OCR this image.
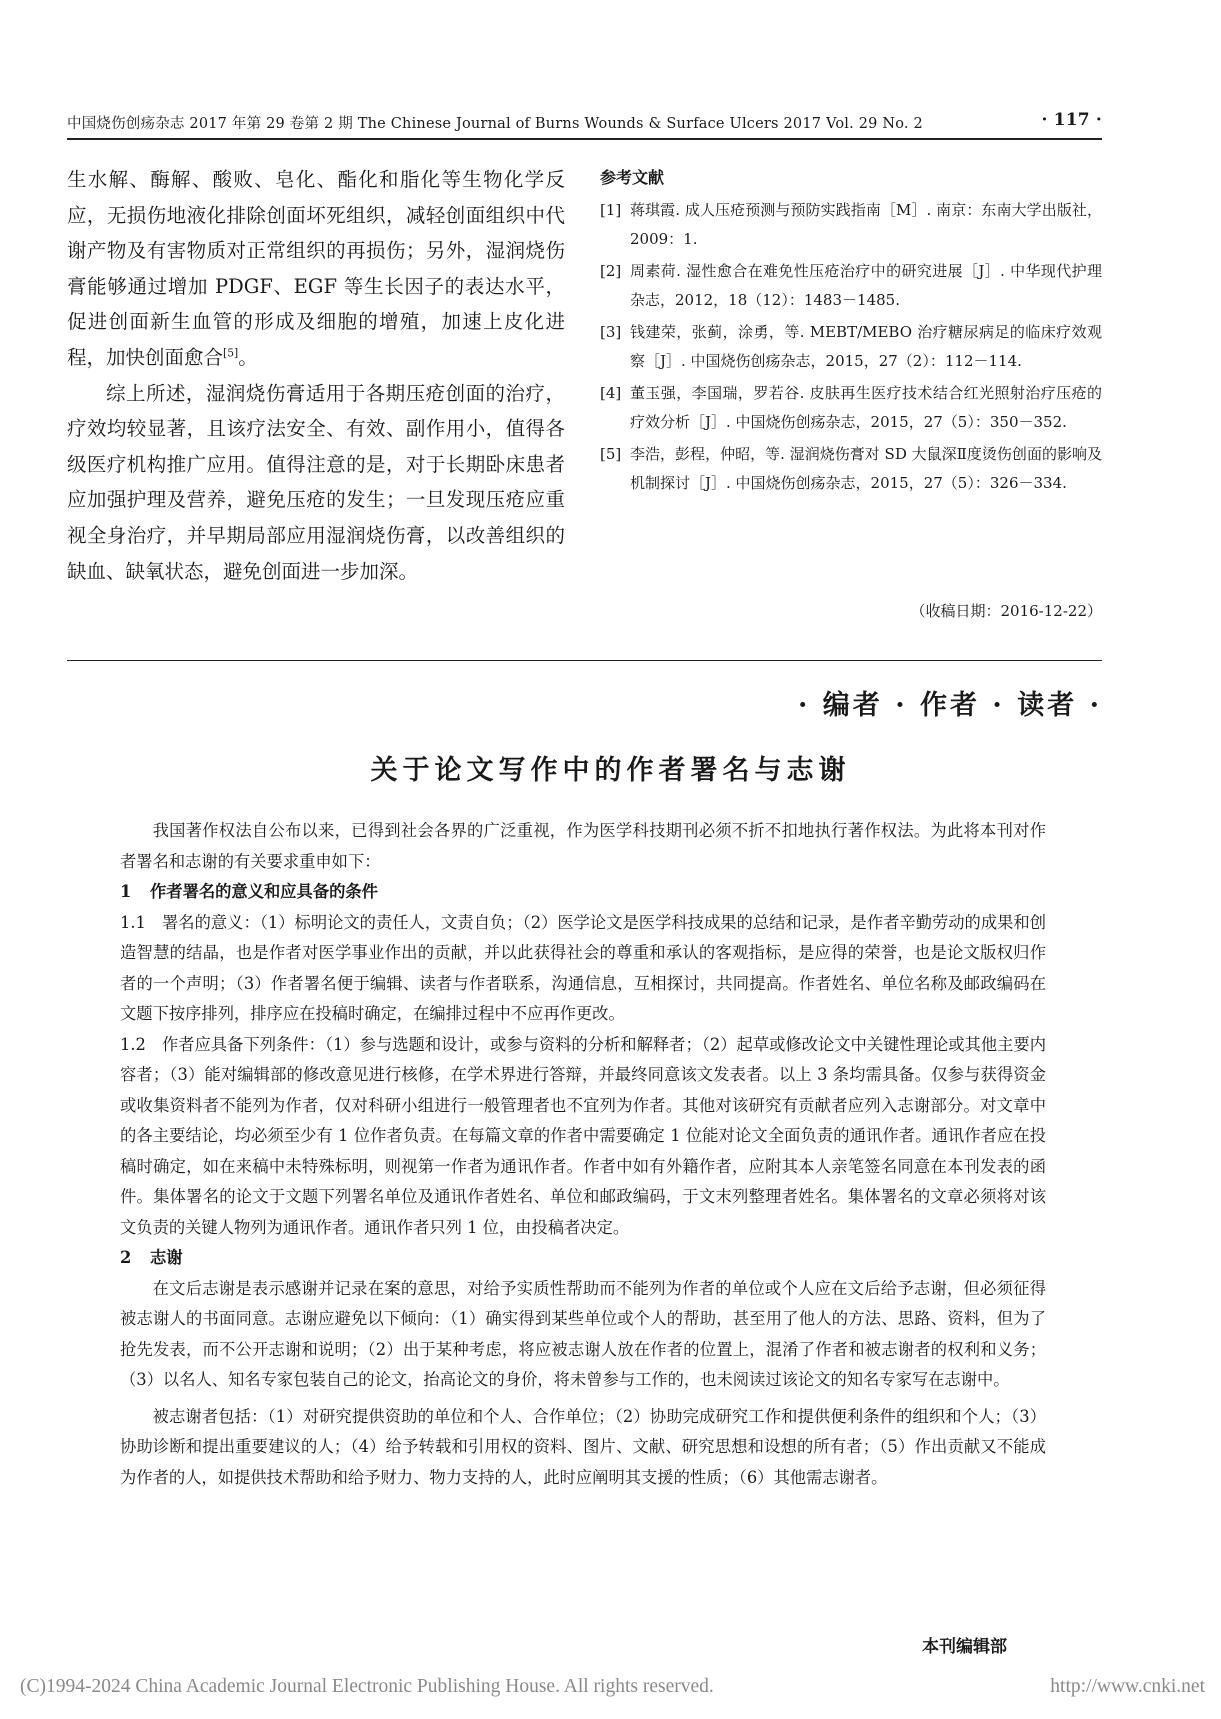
中国烧伤创疡杂志 2017 年第 29 卷第 2 期 The Chinese Journal of Burns Wounds & Surface Ulcers 2017 Vol. 29 No. 2	· 117 ·

生水解、酶解、酸败、皂化、酯化和脂化等生物化学反应，无损伤地液化排除创面坏死组织，减轻创面组织中代谢产物及有害物质对正常组织的再损伤；另外，湿润烧伤膏能够通过增加 PDGF、EGF 等生长因子的表达水平，促进创面新生血管的形成及细胞的增殖，加速上皮化进程，加快创面愈合[5]。

综上所述，湿润烧伤膏适用于各期压疮创面的治疗，疗效均较显著，且该疗法安全、有效、副作用小，值得各级医疗机构推广应用。值得注意的是，对于长期卧床患者应加强护理及营养，避免压疮的发生；一旦发现压疮应重视全身治疗，并早期局部应用湿润烧伤膏，以改善组织的缺血、缺氧状态，避免创面进一步加深。

参考文献
[1] 蒋琪霞. 成人压疮预测与预防实践指南［M］. 南京：东南大学出版社，2009：1.
[2] 周素荷. 湿性愈合在难免性压疮治疗中的研究进展［J］. 中华现代护理杂志，2012，18（12）：1483－1485.
[3] 钱建荣，张蓟，涂勇，等. MEBT/MEBO 治疗糖尿病足的临床疗效观察［J］. 中国烧伤创疡杂志，2015，27（2）：112－114.
[4] 董玉强，李国瑞，罗若谷. 皮肤再生医疗技术结合红光照射治疗压疮的疗效分析［J］. 中国烧伤创疡杂志，2015，27（5）：350－352.
[5] 李浩，彭程，仲昭，等. 湿润烧伤膏对 SD 大鼠深Ⅱ度烫伤创面的影响及机制探讨［J］. 中国烧伤创疡杂志，2015，27（5）：326－334.
（收稿日期：2016-12-22）
· 编者 · 作者 · 读者 ·
关于论文写作中的作者署名与志谢

我国著作权法自公布以来，已得到社会各界的广泛重视，作为医学科技期刊必须不折不扣地执行著作权法。为此将本刊对作者署名和志谢的有关要求重申如下：

1 作者署名的意义和应具备的条件

1.1 署名的意义：（1）标明论文的责任人，文责自负；（2）医学论文是医学科技成果的总结和记录，是作者辛勤劳动的成果和创造智慧的结晶，也是作者对医学事业作出的贡献，并以此获得社会的尊重和承认的客观指标，是应得的荣誉，也是论文版权归作者的一个声明；（3）作者署名便于编辑、读者与作者联系，沟通信息，互相探讨，共同提高。作者姓名、单位名称及邮政编码在文题下按序排列，排序应在投稿时确定，在编排过程中不应再作更改。

1.2 作者应具备下列条件：（1）参与选题和设计，或参与资料的分析和解释者；（2）起草或修改论文中关键性理论或其他主要内容者；（3）能对编辑部的修改意见进行核修，在学术界进行答辩，并最终同意该文发表者。以上 3 条均需具备。仅参与获得资金或收集资料者不能列为作者，仅对科研小组进行一般管理者也不宜列为作者。其他对该研究有贡献者应列入志谢部分。对文章中的各主要结论，均必须至少有 1 位作者负责。在每篇文章的作者中需要确定 1 位能对论文全面负责的通讯作者。通讯作者应在投稿时确定，如在来稿中未特殊标明，则视第一作者为通讯作者。作者中如有外籍作者，应附其本人亲笔签名同意在本刊发表的函件。集体署名的论文于文题下列署名单位及通讯作者姓名、单位和邮政编码，于文末列整理者姓名。集体署名的文章必须将对该文负责的关键人物列为通讯作者。通讯作者只列 1 位，由投稿者决定。

2 志谢

在文后志谢是表示感谢并记录在案的意思，对给予实质性帮助而不能列为作者的单位或个人应在文后给予志谢，但必须征得被志谢人的书面同意。志谢应避免以下倾向：（1）确实得到某些单位或个人的帮助，甚至用了他人的方法、思路、资料，但为了抢先发表，而不公开志谢和说明；（2）出于某种考虑，将应被志谢人放在作者的位置上，混淆了作者和被志谢者的权利和义务；（3）以名人、知名专家包装自己的论文，抬高论文的身价，将未曾参与工作的，也未阅读过该论文的知名专家写在志谢中。

被志谢者包括：（1）对研究提供资助的单位和个人、合作单位；（2）协助完成研究工作和提供便利条件的组织和个人；（3）协助诊断和提出重要建议的人；（4）给予转载和引用权的资料、图片、文献、研究思想和设想的所有者；（5）作出贡献又不能成为作者的人，如提供技术帮助和给予财力、物力支持的人，此时应阐明其支援的性质；（6）其他需志谢者。

本刊编辑部
(C)1994-2024 China Academic Journal Electronic Publishing House. All rights reserved.	http://www.cnki.net
